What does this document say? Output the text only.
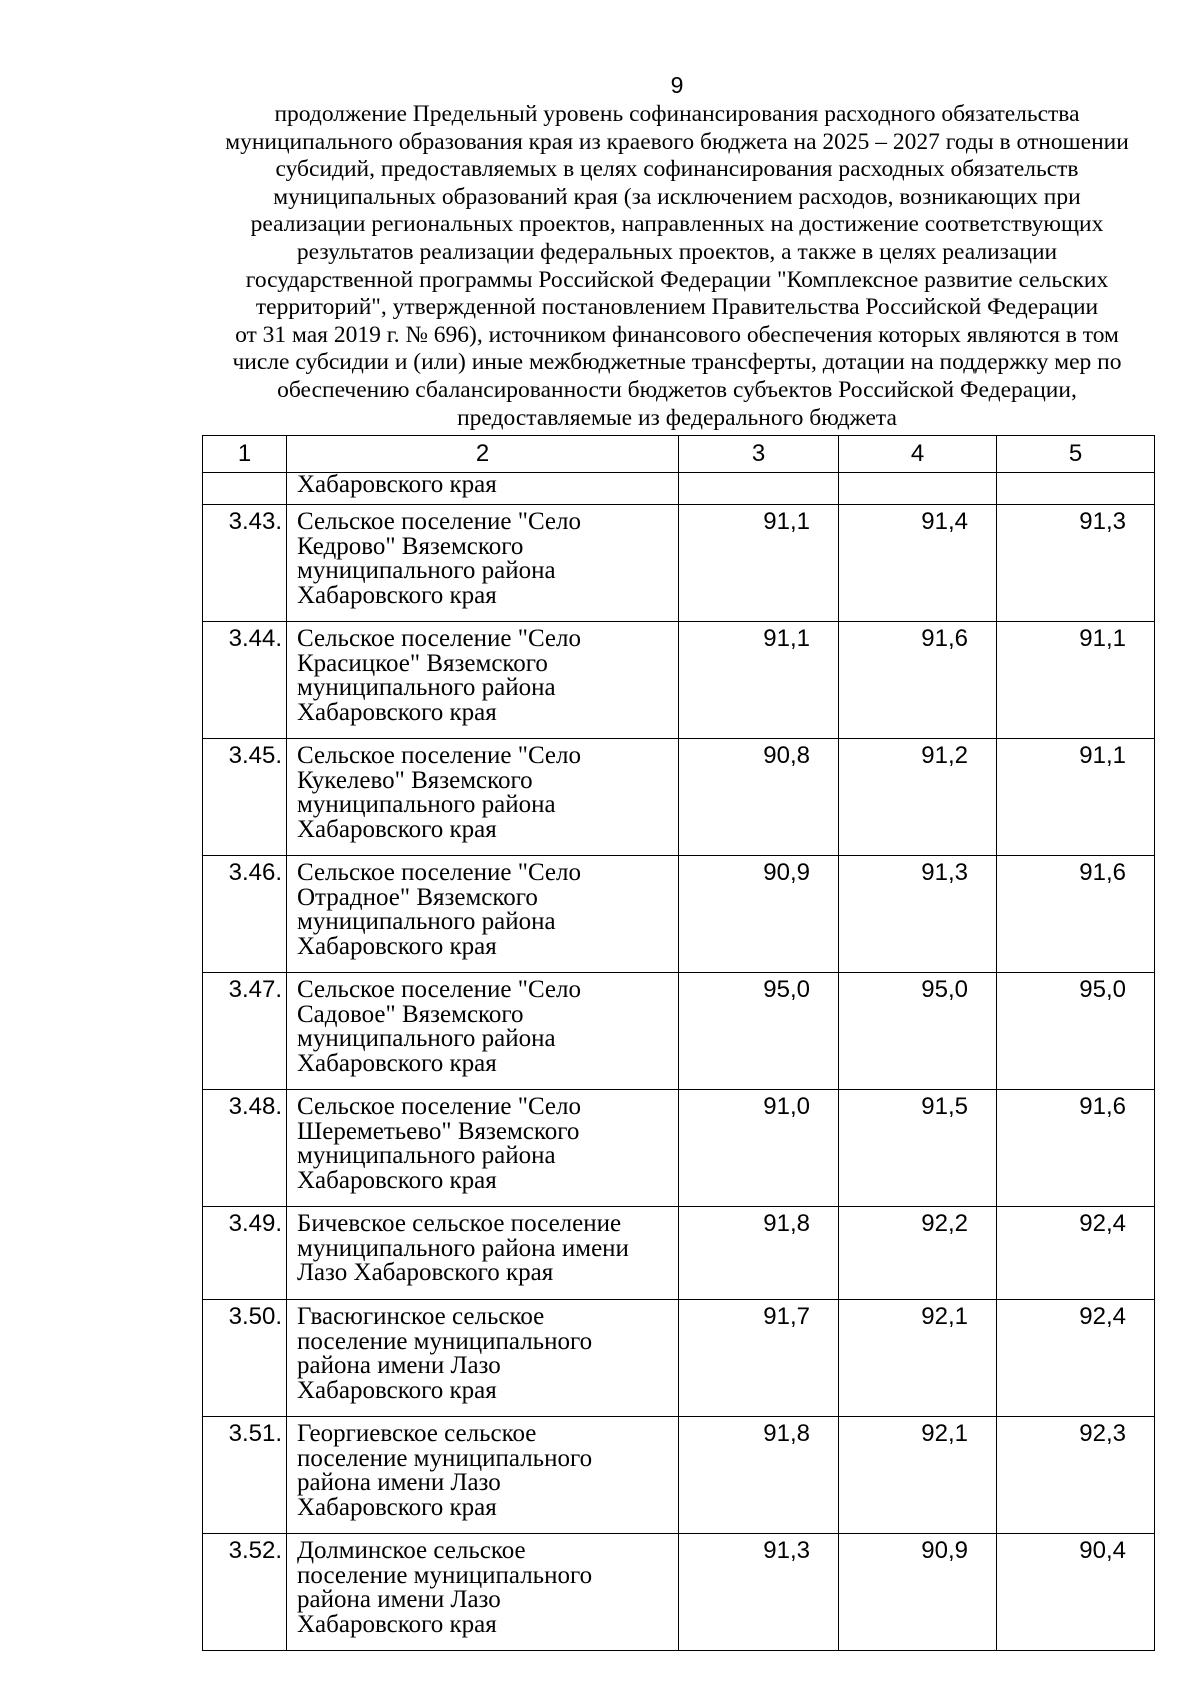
9
продолжение Предельный уровень софинансирования расходного обязательства
муниципального образования края из краевого бюджета на 2025 – 2027 годы в отношении
субсидий, предоставляемых в целях софинансирования расходных обязательств
муниципальных образований края (за исключением расходов, возникающих при
реализации региональных проектов, направленных на достижение соответствующих
результатов реализации федеральных проектов, а также в целях реализации
государственной программы Российской Федерации "Комплексное развитие сельских
территорий", утвержденной постановлением Правительства Российской Федерации
от 31 мая 2019 г. № 696), источником финансового обеспечения которых являются в том
числе субсидии и (или) иные межбюджетные трансферты, дотации на поддержку мер по
обеспечению сбалансированности бюджетов субъектов Российской Федерации,
предоставляемые из федерального бюджета
1	2	3	4	5
	Хабаровского края			
3.43.	Сельское поселение "Село
Кедрово" Вяземского
муниципального района
Хабаровского края	91,1	91,4	91,3
3.44.	Сельское поселение "Село
Красицкое" Вяземского
муниципального района
Хабаровского края	91,1	91,6	91,1
3.45.	Сельское поселение "Село
Кукелево" Вяземского
муниципального района
Хабаровского края	90,8	91,2	91,1
3.46.	Сельское поселение "Село
Отрадное" Вяземского
муниципального района
Хабаровского края	90,9	91,3	91,6
3.47.	Сельское поселение "Село
Садовое" Вяземского
муниципального района
Хабаровского края	95,0	95,0	95,0
3.48.	Сельское поселение "Село
Шереметьево" Вяземского
муниципального района
Хабаровского края	91,0	91,5	91,6
3.49.	Бичевское сельское поселение
муниципального района имени
Лазо Хабаровского края	91,8	92,2	92,4
3.50.	Гвасюгинское сельское
поселение муниципального
района имени Лазо
Хабаровского края	91,7	92,1	92,4
3.51.	Георгиевское сельское
поселение муниципального
района имени Лазо
Хабаровского края	91,8	92,1	92,3
3.52.	Долминское сельское
поселение муниципального
района имени Лазо
Хабаровского края	91,3	90,9	90,4
